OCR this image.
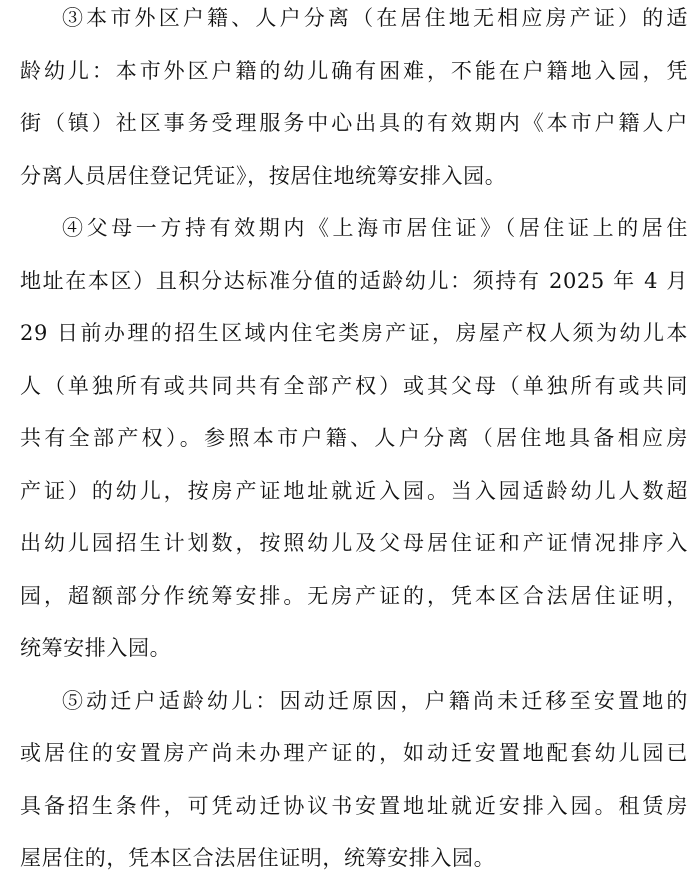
③本市外区户籍、人户分离（在居住地无相应房产证）的适
龄幼儿：本市外区户籍的幼儿确有困难，不能在户籍地入园，凭
街（镇）社区事务受理服务中心出具的有效期内《本市户籍人户
分离人员居住登记凭证》，按居住地统筹安排入园。
④父母一方持有效期内《上海市居住证》（居住证上的居住
地址在本区）且积分达标准分值的适龄幼儿：须持有 2025 年 4 月
29 日前办理的招生区域内住宅类房产证，房屋产权人须为幼儿本
人（单独所有或共同共有全部产权）或其父母（单独所有或共同
共有全部产权）。参照本市户籍、人户分离（居住地具备相应房
产证）的幼儿，按房产证地址就近入园。当入园适龄幼儿人数超
出幼儿园招生计划数，按照幼儿及父母居住证和产证情况排序入
园，超额部分作统筹安排。无房产证的，凭本区合法居住证明，
统筹安排入园。
⑤动迁户适龄幼儿：因动迁原因，户籍尚未迁移至安置地的
或居住的安置房产尚未办理产证的，如动迁安置地配套幼儿园已
具备招生条件，可凭动迁协议书安置地址就近安排入园。租赁房
屋居住的，凭本区合法居住证明，统筹安排入园。
